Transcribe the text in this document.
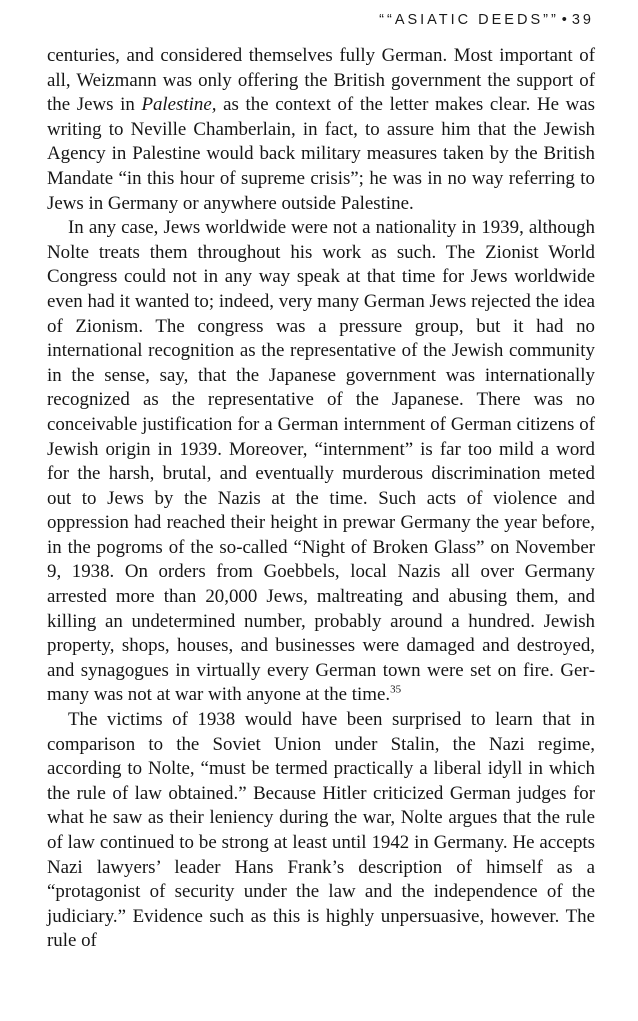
““ASIATIC DEEDS”” • 39

centuries, and considered themselves fully German. Most important of all, Weizmann was only offering the British government the support of the Jews in Palestine, as the context of the letter makes clear. He was writing to Neville Chamberlain, in fact, to assure him that the Jewish Agency in Palestine would back military measures taken by the British Mandate “in this hour of supreme crisis”; he was in no way referring to Jews in Germany or anywhere outside Palestine.

In any case, Jews worldwide were not a nationality in 1939, although Nolte treats them throughout his work as such. The Zionist World Congress could not in any way speak at that time for Jews worldwide even had it wanted to; indeed, very many German Jews rejected the idea of Zionism. The congress was a pressure group, but it had no international recognition as the representative of the Jewish community in the sense, say, that the Japanese government was internationally recognized as the representative of the Japanese. There was no conceivable justification for a German internment of German citizens of Jewish origin in 1939. Moreover, “internment” is far too mild a word for the harsh, brutal, and eventually murderous discrimination meted out to Jews by the Nazis at the time. Such acts of violence and oppression had reached their height in prewar Germany the year before, in the pogroms of the so-called “Night of Broken Glass” on November 9, 1938. On orders from Goebbels, local Nazis all over Germany arrested more than 20,000 Jews, maltreating and abusing them, and killing an undetermined number, probably around a hundred. Jewish property, shops, houses, and businesses were damaged and destroyed, and synagogues in virtually every German town were set on fire. Germany was not at war with anyone at the time.$^{35}$

The victims of 1938 would have been surprised to learn that in comparison to the Soviet Union under Stalin, the Nazi regime, according to Nolte, “must be termed practically a liberal idyll in which the rule of law obtained.” Because Hitler criticized German judges for what he saw as their leniency during the war, Nolte argues that the rule of law continued to be strong at least until 1942 in Germany. He accepts Nazi lawyers’ leader Hans Frank’s description of himself as a “protagonist of security under the law and the independence of the judiciary.” Evidence such as this is highly unpersuasive, however. The rule of
